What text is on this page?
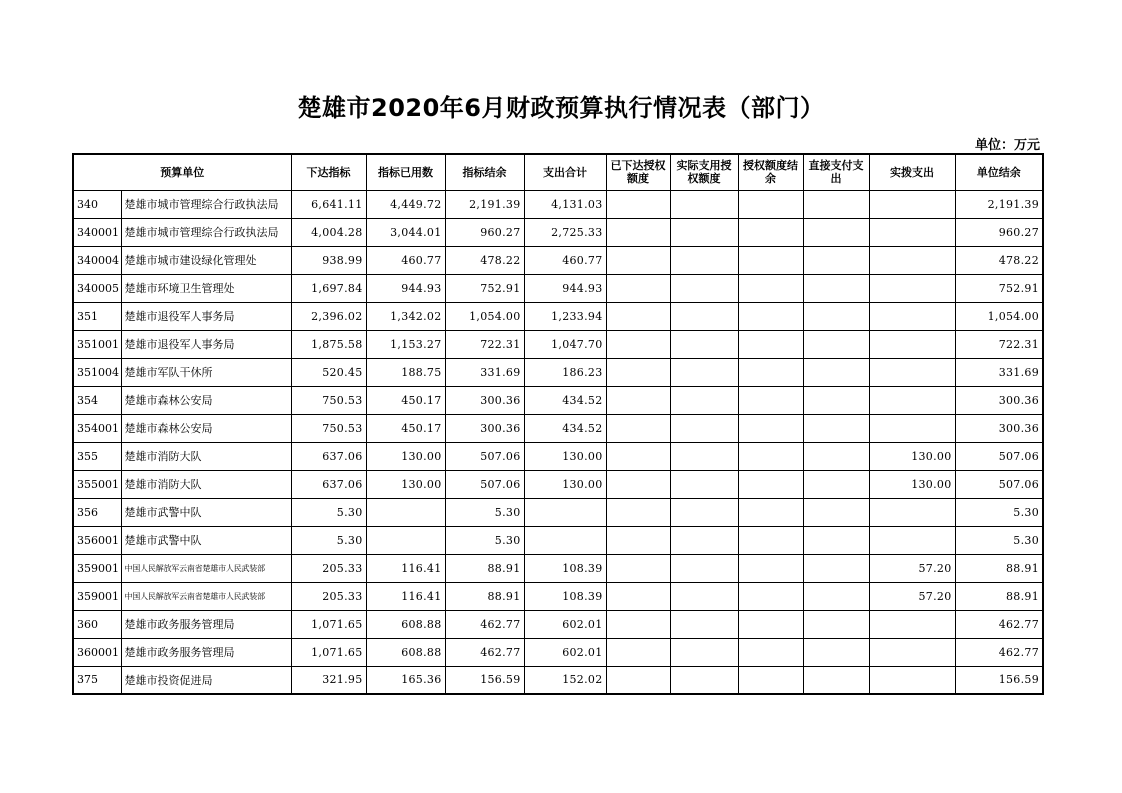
楚雄市2020年6月财政预算执行情况表（部门）
单位：万元
预算单位		下达指标	指标已用数	指标结余	支出合计	已下达授权额度	实际支用授权额度	授权额度结余	直接支付支出	实拨支出	单位结余
340	楚雄市城市管理综合行政执法局	6,641.11	4,449.72	2,191.39	4,131.03						2,191.39
340001	楚雄市城市管理综合行政执法局	4,004.28	3,044.01	960.27	2,725.33						960.27
340004	楚雄市城市建设绿化管理处	938.99	460.77	478.22	460.77						478.22
340005	楚雄市环境卫生管理处	1,697.84	944.93	752.91	944.93						752.91
351	楚雄市退役军人事务局	2,396.02	1,342.02	1,054.00	1,233.94						1,054.00
351001	楚雄市退役军人事务局	1,875.58	1,153.27	722.31	1,047.70						722.31
351004	楚雄市军队干休所	520.45	188.75	331.69	186.23						331.69
354	楚雄市森林公安局	750.53	450.17	300.36	434.52						300.36
354001	楚雄市森林公安局	750.53	450.17	300.36	434.52						300.36
355	楚雄市消防大队	637.06	130.00	507.06	130.00					130.00	507.06
355001	楚雄市消防大队	637.06	130.00	507.06	130.00					130.00	507.06
356	楚雄市武警中队	5.30		5.30							5.30
356001	楚雄市武警中队	5.30		5.30							5.30
359001	中国人民解放军云南省楚雄市人民武装部	205.33	116.41	88.91	108.39					57.20	88.91
359001	中国人民解放军云南省楚雄市人民武装部	205.33	116.41	88.91	108.39					57.20	88.91
360	楚雄市政务服务管理局	1,071.65	608.88	462.77	602.01						462.77
360001	楚雄市政务服务管理局	1,071.65	608.88	462.77	602.01						462.77
375	楚雄市投资促进局	321.95	165.36	156.59	152.02						156.59
